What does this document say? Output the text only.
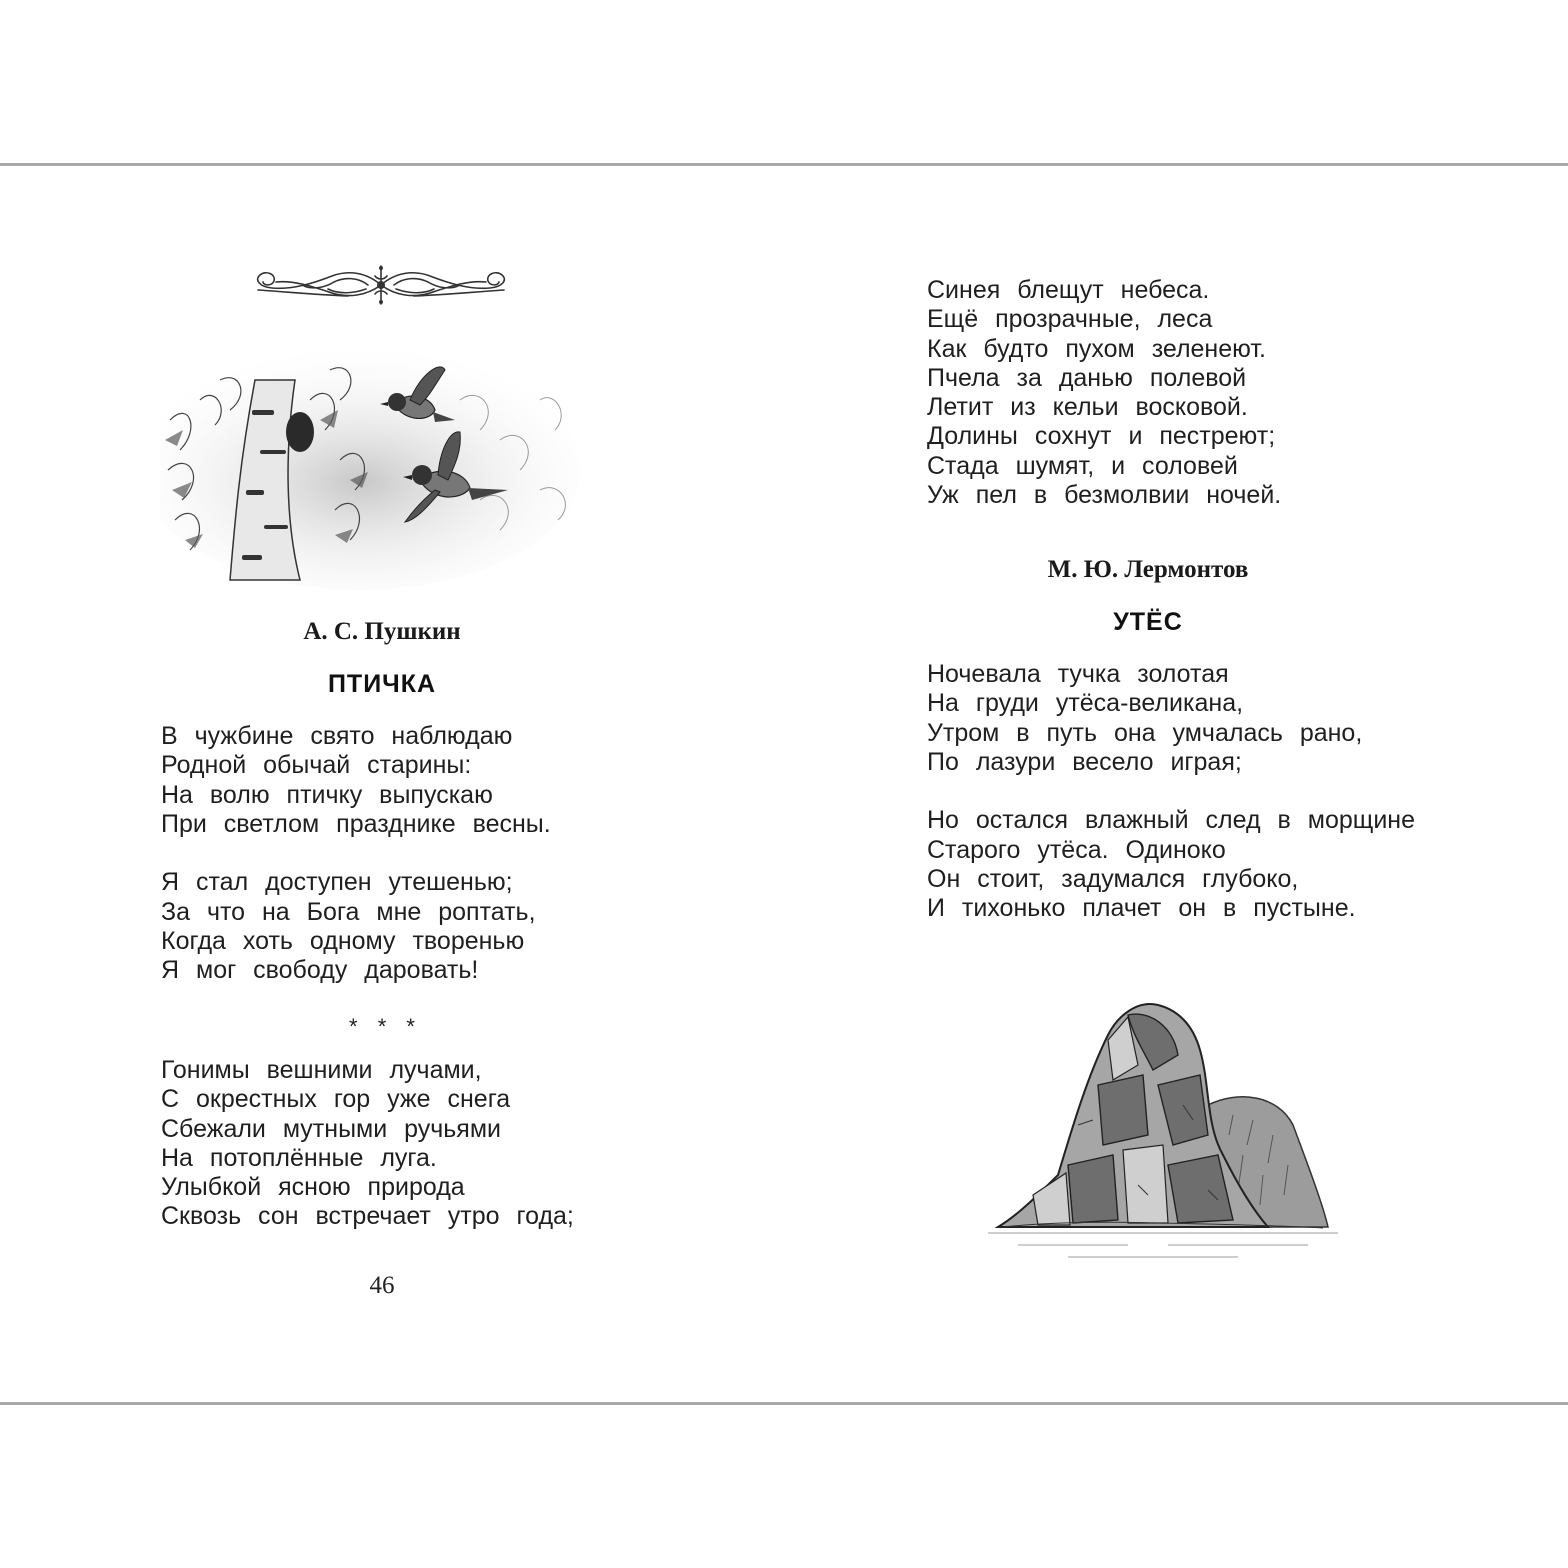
А. С. Пушкин
ПТИЧКА
В чужбине свято наблюдаю
Родной обычай старины:
На волю птичку выпускаю
При светлом празднике весны.
Я стал доступен утешенью;
За что на Бога мне роптать,
Когда хоть одному творенью
Я мог свободу даровать!
* * *
Гонимы вешними лучами,
С окрестных гор уже снега
Сбежали мутными ручьями
На потоплённые луга.
Улыбкой ясною природа
Сквозь сон встречает утро года;
46
Синея блещут небеса.
Ещё прозрачные, леса
Как будто пухом зеленеют.
Пчела за данью полевой
Летит из кельи восковой.
Долины сохнут и пестреют;
Стада шумят, и соловей
Уж пел в безмолвии ночей.
М. Ю. Лермонтов
УТЁС
Ночевала тучка золотая
На груди утёса-великана,
Утром в путь она умчалась рано,
По лазури весело играя;
Но остался влажный след в морщине
Старого утёса. Одиноко
Он стоит, задумался глубоко,
И тихонько плачет он в пустыне.
